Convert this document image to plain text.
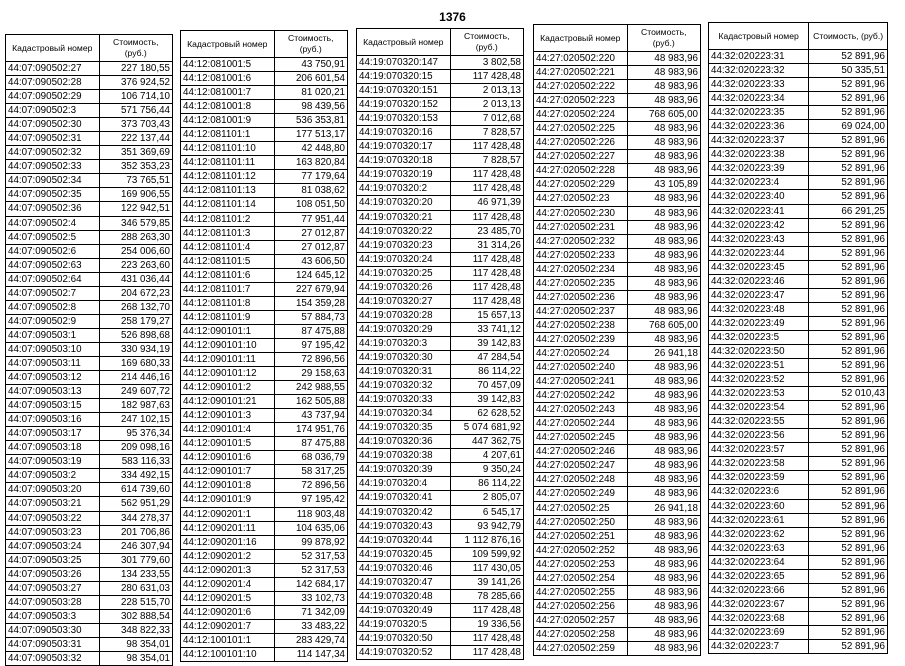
1376
Кадастровый номер	Стоимость, (руб.)
44:07:090502:27	227 180,55
44:07:090502:28	376 924,52
44:07:090502:29	106 714,10
44:07:090502:3	571 756,44
44:07:090502:30	373 703,43
44:07:090502:31	222 137,44
44:07:090502:32	351 369,69
44:07:090502:33	352 353,23
44:07:090502:34	73 765,51
44:07:090502:35	169 906,55
44:07:090502:36	122 942,51
44:07:090502:4	346 579,85
44:07:090502:5	288 263,30
44:07:090502:6	254 006,60
44:07:090502:63	223 263,60
44:07:090502:64	431 036,44
44:07:090502:7	204 672,23
44:07:090502:8	268 132,70
44:07:090502:9	258 179,27
44:07:090503:1	526 898,68
44:07:090503:10	330 934,19
44:07:090503:11	169 680,33
44:07:090503:12	214 446,16
44:07:090503:13	249 607,72
44:07:090503:15	182 987,63
44:07:090503:16	247 102,15
44:07:090503:17	95 376,34
44:07:090503:18	209 098,16
44:07:090503:19	583 116,33
44:07:090503:2	334 492,15
44:07:090503:20	614 739,60
44:07:090503:21	562 951,29
44:07:090503:22	344 278,37
44:07:090503:23	201 706,86
44:07:090503:24	246 307,94
44:07:090503:25	301 779,60
44:07:090503:26	134 233,55
44:07:090503:27	280 631,03
44:07:090503:28	228 515,70
44:07:090503:3	302 888,54
44:07:090503:30	348 822,33
44:07:090503:31	98 354,01
44:07:090503:32	98 354,01
Кадастровый номер	Стоимость, (руб.)
44:12:081001:5	43 750,91
44:12:081001:6	206 601,54
44:12:081001:7	81 020,21
44:12:081001:8	98 439,56
44:12:081001:9	536 353,81
44:12:081101:1	177 513,17
44:12:081101:10	42 448,80
44:12:081101:11	163 820,84
44:12:081101:12	77 179,64
44:12:081101:13	81 038,62
44:12:081101:14	108 051,50
44:12:081101:2	77 951,44
44:12:081101:3	27 012,87
44:12:081101:4	27 012,87
44:12:081101:5	43 606,50
44:12:081101:6	124 645,12
44:12:081101:7	227 679,94
44:12:081101:8	154 359,28
44:12:081101:9	57 884,73
44:12:090101:1	87 475,88
44:12:090101:10	97 195,42
44:12:090101:11	72 896,56
44:12:090101:12	29 158,63
44:12:090101:2	242 988,55
44:12:090101:21	162 505,88
44:12:090101:3	43 737,94
44:12:090101:4	174 951,76
44:12:090101:5	87 475,88
44:12:090101:6	68 036,79
44:12:090101:7	58 317,25
44:12:090101:8	72 896,56
44:12:090101:9	97 195,42
44:12:090201:1	118 903,48
44:12:090201:11	104 635,06
44:12:090201:16	99 878,92
44:12:090201:2	52 317,53
44:12:090201:3	52 317,53
44:12:090201:4	142 684,17
44:12:090201:5	33 102,73
44:12:090201:6	71 342,09
44:12:090201:7	33 483,22
44:12:100101:1	283 429,74
44:12:100101:10	114 147,34
Кадастровый номер	Стоимость, (руб.)
44:19:070320:147	3 802,58
44:19:070320:15	117 428,48
44:19:070320:151	2 013,13
44:19:070320:152	2 013,13
44:19:070320:153	7 012,68
44:19:070320:16	7 828,57
44:19:070320:17	117 428,48
44:19:070320:18	7 828,57
44:19:070320:19	117 428,48
44:19:070320:2	117 428,48
44:19:070320:20	46 971,39
44:19:070320:21	117 428,48
44:19:070320:22	23 485,70
44:19:070320:23	31 314,26
44:19:070320:24	117 428,48
44:19:070320:25	117 428,48
44:19:070320:26	117 428,48
44:19:070320:27	117 428,48
44:19:070320:28	15 657,13
44:19:070320:29	33 741,12
44:19:070320:3	39 142,83
44:19:070320:30	47 284,54
44:19:070320:31	86 114,22
44:19:070320:32	70 457,09
44:19:070320:33	39 142,83
44:19:070320:34	62 628,52
44:19:070320:35	5 074 681,92
44:19:070320:36	447 362,75
44:19:070320:38	4 207,61
44:19:070320:39	9 350,24
44:19:070320:4	86 114,22
44:19:070320:41	2 805,07
44:19:070320:42	6 545,17
44:19:070320:43	93 942,79
44:19:070320:44	1 112 876,16
44:19:070320:45	109 599,92
44:19:070320:46	117 430,05
44:19:070320:47	39 141,26
44:19:070320:48	78 285,66
44:19:070320:49	117 428,48
44:19:070320:5	19 336,56
44:19:070320:50	117 428,48
44:19:070320:52	117 428,48
Кадастровый номер	Стоимость, (руб.)
44:27:020502:220	48 983,96
44:27:020502:221	48 983,96
44:27:020502:222	48 983,96
44:27:020502:223	48 983,96
44:27:020502:224	768 605,00
44:27:020502:225	48 983,96
44:27:020502:226	48 983,96
44:27:020502:227	48 983,96
44:27:020502:228	48 983,96
44:27:020502:229	43 105,89
44:27:020502:23	48 983,96
44:27:020502:230	48 983,96
44:27:020502:231	48 983,96
44:27:020502:232	48 983,96
44:27:020502:233	48 983,96
44:27:020502:234	48 983,96
44:27:020502:235	48 983,96
44:27:020502:236	48 983,96
44:27:020502:237	48 983,96
44:27:020502:238	768 605,00
44:27:020502:239	48 983,96
44:27:020502:24	26 941,18
44:27:020502:240	48 983,96
44:27:020502:241	48 983,96
44:27:020502:242	48 983,96
44:27:020502:243	48 983,96
44:27:020502:244	48 983,96
44:27:020502:245	48 983,96
44:27:020502:246	48 983,96
44:27:020502:247	48 983,96
44:27:020502:248	48 983,96
44:27:020502:249	48 983,96
44:27:020502:25	26 941,18
44:27:020502:250	48 983,96
44:27:020502:251	48 983,96
44:27:020502:252	48 983,96
44:27:020502:253	48 983,96
44:27:020502:254	48 983,96
44:27:020502:255	48 983,96
44:27:020502:256	48 983,96
44:27:020502:257	48 983,96
44:27:020502:258	48 983,96
44:27:020502:259	48 983,96
Кадастровый номер	Стоимость, (руб.)
44:32:020223:31	52 891,96
44:32:020223:32	50 335,51
44:32:020223:33	52 891,96
44:32:020223:34	52 891,96
44:32:020223:35	52 891,96
44:32:020223:36	69 024,00
44:32:020223:37	52 891,96
44:32:020223:38	52 891,96
44:32:020223:39	52 891,96
44:32:020223:4	52 891,96
44:32:020223:40	52 891,96
44:32:020223:41	66 291,25
44:32:020223:42	52 891,96
44:32:020223:43	52 891,96
44:32:020223:44	52 891,96
44:32:020223:45	52 891,96
44:32:020223:46	52 891,96
44:32:020223:47	52 891,96
44:32:020223:48	52 891,96
44:32:020223:49	52 891,96
44:32:020223:5	52 891,96
44:32:020223:50	52 891,96
44:32:020223:51	52 891,96
44:32:020223:52	52 891,96
44:32:020223:53	52 010,43
44:32:020223:54	52 891,96
44:32:020223:55	52 891,96
44:32:020223:56	52 891,96
44:32:020223:57	52 891,96
44:32:020223:58	52 891,96
44:32:020223:59	52 891,96
44:32:020223:6	52 891,96
44:32:020223:60	52 891,96
44:32:020223:61	52 891,96
44:32:020223:62	52 891,96
44:32:020223:63	52 891,96
44:32:020223:64	52 891,96
44:32:020223:65	52 891,96
44:32:020223:66	52 891,96
44:32:020223:67	52 891,96
44:32:020223:68	52 891,96
44:32:020223:69	52 891,96
44:32:020223:7	52 891,96
